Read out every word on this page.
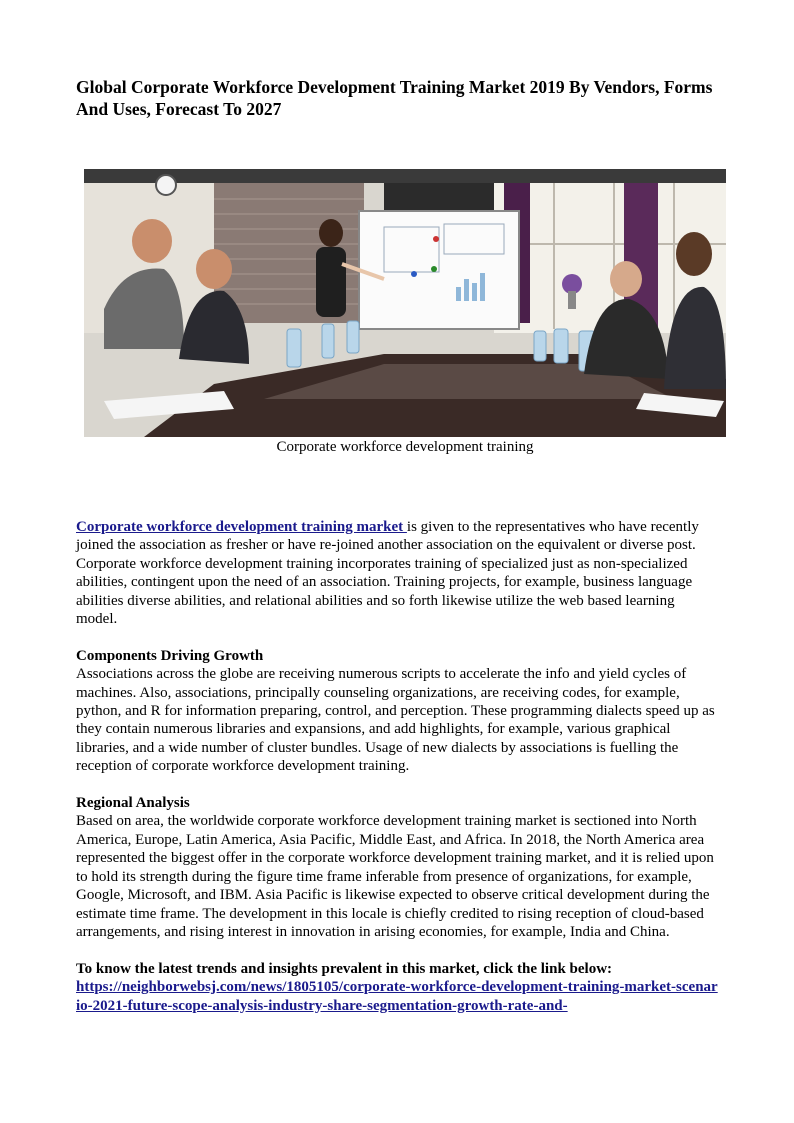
Global Corporate Workforce Development Training Market 2019 By Vendors, Forms And Uses, Forecast To 2027
Corporate workforce development training

Corporate workforce development training market is given to the representatives who have recently joined the association as fresher or have re-joined another association on the equivalent or diverse post. Corporate workforce development training incorporates training of specialized just as non-specialized abilities, contingent upon the need of an association. Training projects, for example, business language abilities diverse abilities, and relational abilities and so forth likewise utilize the web based learning model.

Components Driving Growth

Associations across the globe are receiving numerous scripts to accelerate the info and yield cycles of machines. Also, associations, principally counseling organizations, are receiving codes, for example, python, and R for information preparing, control, and perception. These programming dialects speed up as they contain numerous libraries and expansions, and add highlights, for example, various graphical libraries, and a wide number of cluster bundles. Usage of new dialects by associations is fuelling the reception of corporate workforce development training.

Regional Analysis

Based on area, the worldwide corporate workforce development training market is sectioned into North America, Europe, Latin America, Asia Pacific, Middle East, and Africa. In 2018, the North America area represented the biggest offer in the corporate workforce development training market, and it is relied upon to hold its strength during the figure time frame inferable from presence of organizations, for example, Google, Microsoft, and IBM. Asia Pacific is likewise expected to observe critical development during the estimate time frame. The development in this locale is chiefly credited to rising reception of cloud-based arrangements, and rising interest in innovation in arising economies, for example, India and China.

To know the latest trends and insights prevalent in this market, click the link below:
https://neighborwebsj.com/news/1805105/corporate-workforce-development-training-market-scenario-2021-future-scope-analysis-industry-share-segmentation-growth-rate-and-
